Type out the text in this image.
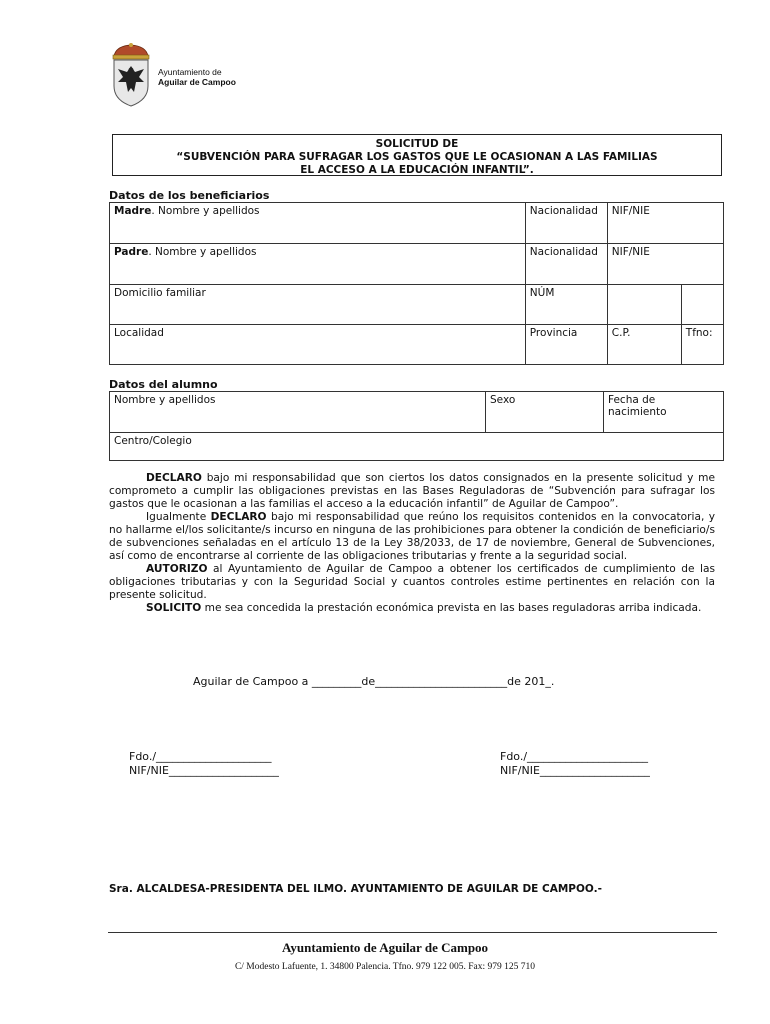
Ayuntamiento de
Aguilar de Campoo
SOLICITUD DE
“SUBVENCIÓN PARA SUFRAGAR LOS GASTOS QUE LE OCASIONAN A LAS FAMILIAS
EL ACCESO A LA EDUCACIÓN INFANTIL”.
Datos de los beneficiarios
Madre. Nombre y apellidos	Nacionalidad	NIF/NIE	
Padre. Nombre y apellidos	Nacionalidad	NIF/NIE	
Domicilio familiar	NÚM		
Localidad	Provincia	C.P.	Tfno:
Datos del alumno
Nombre y apellidos	Sexo	Fecha de
nacimiento

Centro/Colegio

DECLARO bajo mi responsabilidad que son ciertos los datos consignados en la presente solicitud y me comprometo a cumplir las obligaciones previstas en las Bases Reguladoras de “Subvención para sufragar los gastos que le ocasionan a las familias el acceso a la educación infantil” de Aguilar de Campoo”.

Igualmente DECLARO bajo mi responsabilidad que reúno los requisitos contenidos en la convocatoria, y no hallarme el/los solicitante/s incurso en ninguna de las prohibiciones para obtener la condición de beneficiario/s de subvenciones señaladas en el artículo 13 de la Ley 38/2033, de 17 de noviembre, General de Subvenciones, así como de encontrarse al corriente de las obligaciones tributarias y frente a la seguridad social.

AUTORIZO al Ayuntamiento de Aguilar de Campoo a obtener los certificados de cumplimiento de las obligaciones tributarias y con la Seguridad Social y cuantos controles estime pertinentes en relación con la presente solicitud.

SOLICITO me sea concedida la prestación económica prevista en las bases reguladoras arriba indicada.

Aguilar de Campoo a _________de________________________de 201_.
Fdo./_____________________
NIF/NIE____________________
Fdo./______________________
NIF/NIE____________________
Sra. ALCALDESA-PRESIDENTA DEL ILMO. AYUNTAMIENTO DE AGUILAR DE CAMPOO.-
Ayuntamiento de Aguilar de Campoo
C/ Modesto Lafuente, 1. 34800 Palencia. Tfno. 979 122 005. Fax: 979 125 710
